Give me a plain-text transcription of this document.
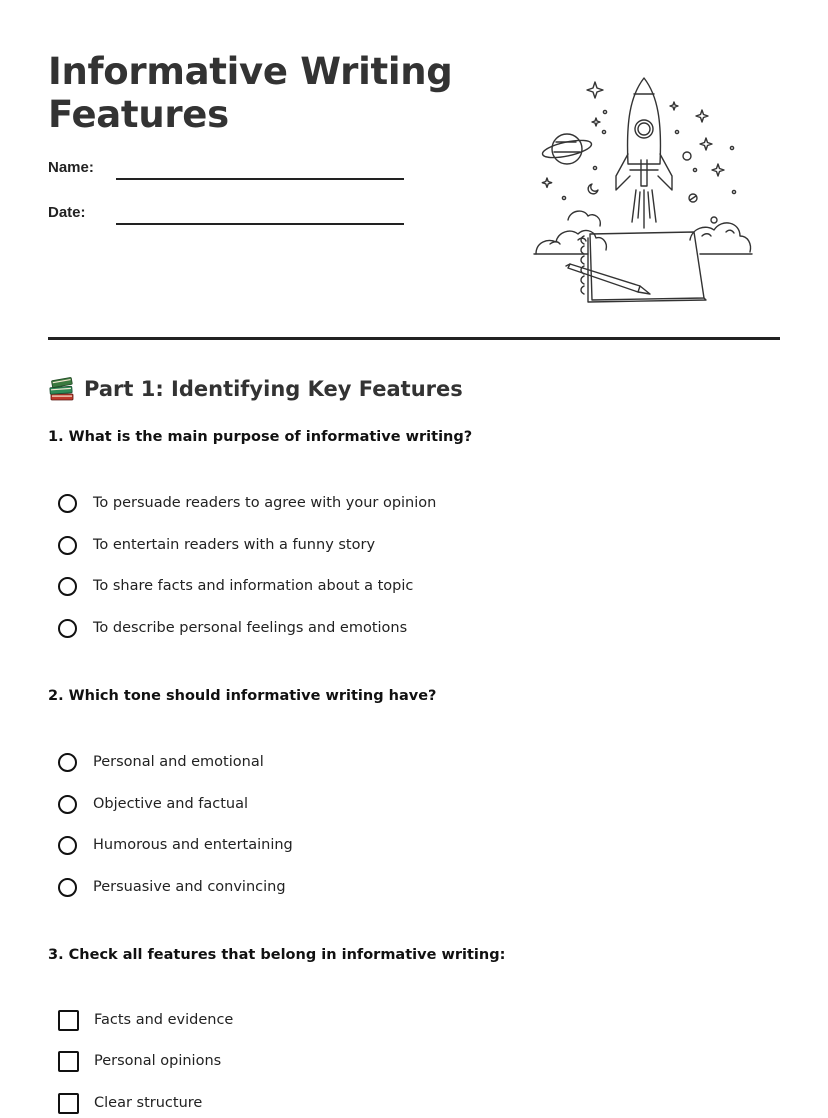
Informative Writing
Features
Name:
Date:
Part 1: Identifying Key Features
1. What is the main purpose of informative writing?
To persuade readers to agree with your opinion
To entertain readers with a funny story
To share facts and information about a topic
To describe personal feelings and emotions
2. Which tone should informative writing have?
Personal and emotional
Objective and factual
Humorous and entertaining
Persuasive and convincing
3. Check all features that belong in informative writing:
Facts and evidence
Personal opinions
Clear structure
